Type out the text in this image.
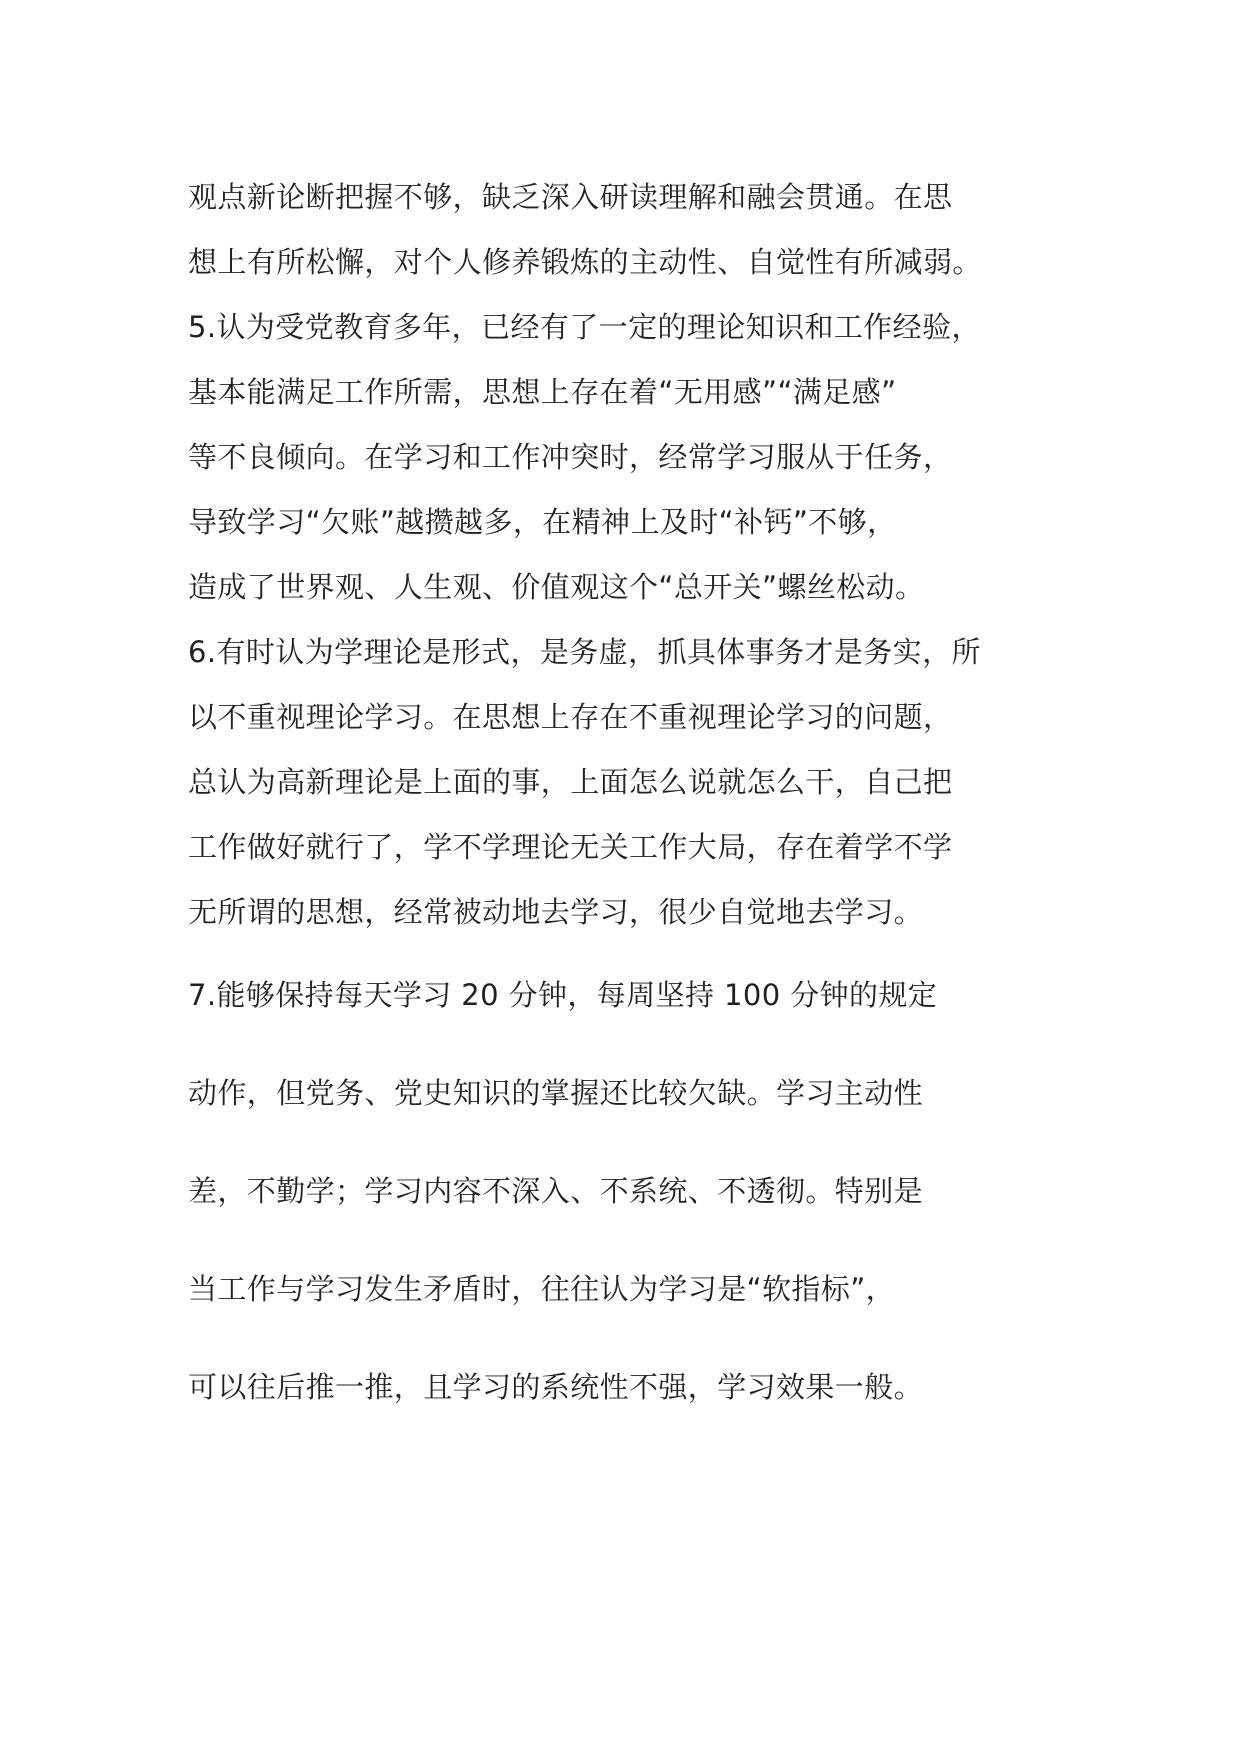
观点新论断把握不够，缺乏深入研读理解和融会贯通。在思

想上有所松懈，对个人修养锻炼的主动性、自觉性有所减弱。

5.认为受党教育多年，已经有了一定的理论知识和工作经验，

基本能满足工作所需，思想上存在着“无用感”“满足感”

等不良倾向。在学习和工作冲突时，经常学习服从于任务，

导致学习“欠账”越攒越多，在精神上及时“补钙”不够，

造成了世界观、人生观、价值观这个“总开关”螺丝松动。

6.有时认为学理论是形式，是务虚，抓具体事务才是务实，所

以不重视理论学习。在思想上存在不重视理论学习的问题，

总认为高新理论是上面的事，上面怎么说就怎么干，自己把

工作做好就行了，学不学理论无关工作大局，存在着学不学

无所谓的思想，经常被动地去学习，很少自觉地去学习。

7.能够保持每天学习 20 分钟，每周坚持 100 分钟的规定

动作，但党务、党史知识的掌握还比较欠缺。学习主动性

差，不勤学；学习内容不深入、不系统、不透彻。特别是

当工作与学习发生矛盾时，往往认为学习是“软指标”，

可以往后推一推，且学习的系统性不强，学习效果一般。
